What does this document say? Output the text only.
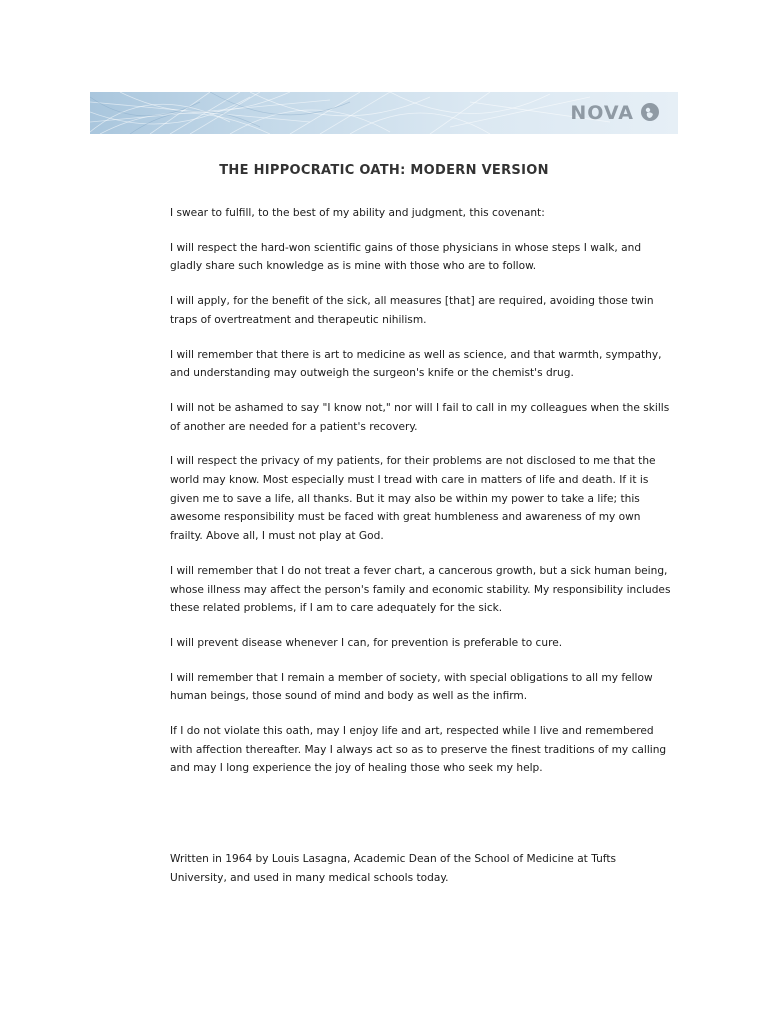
NOVA
THE HIPPOCRATIC OATH: MODERN VERSION

I swear to fulfill, to the best of my ability and judgment, this covenant:

I will respect the hard-won scientific gains of those physicians in whose steps I walk, and gladly share such knowledge as is mine with those who are to follow.

I will apply, for the benefit of the sick, all measures [that] are required, avoiding those twin traps of overtreatment and therapeutic nihilism.

I will remember that there is art to medicine as well as science, and that warmth, sympathy, and understanding may outweigh the surgeon's knife or the chemist's drug.

I will not be ashamed to say "I know not," nor will I fail to call in my colleagues when the skills of another are needed for a patient's recovery.

I will respect the privacy of my patients, for their problems are not disclosed to me that the world may know. Most especially must I tread with care in matters of life and death. If it is given me to save a life, all thanks. But it may also be within my power to take a life; this awesome responsibility must be faced with great humbleness and awareness of my own frailty. Above all, I must not play at God.

I will remember that I do not treat a fever chart, a cancerous growth, but a sick human being, whose illness may affect the person's family and economic stability. My responsibility includes these related problems, if I am to care adequately for the sick.

I will prevent disease whenever I can, for prevention is preferable to cure.

I will remember that I remain a member of society, with special obligations to all my fellow human beings, those sound of mind and body as well as the infirm.

If I do not violate this oath, may I enjoy life and art, respected while I live and remembered with affection thereafter. May I always act so as to preserve the finest traditions of my calling and may I long experience the joy of healing those who seek my help.

Written in 1964 by Louis Lasagna, Academic Dean of the School of Medicine at Tufts University, and used in many medical schools today.
